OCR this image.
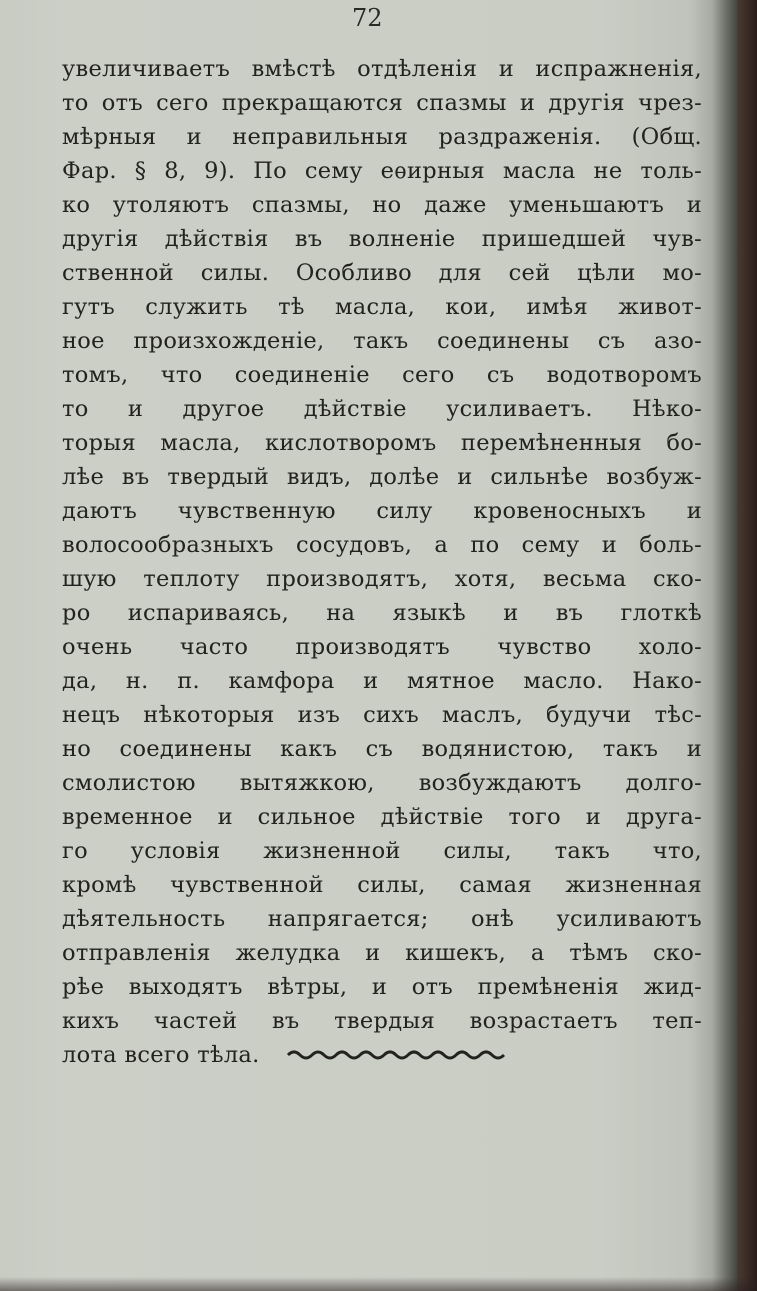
72
увеличиваетъ вмѣстѣ отдѣленія и испражненія,
то отъ сего прекращаются спазмы и другія чрез-
мѣрныя и неправильныя раздраженія. (Общ.
Фар. § 8, 9). По сему еѳирныя масла не толь-
ко утоляютъ спазмы, но даже уменьшаютъ и
другія дѣйствія въ волненіе пришедшей чув-
ственной силы. Особливо для сей цѣли мо-
гутъ служить тѣ масла, кои, имѣя живот-
ное произхожденіе, такъ соединены съ азо-
томъ, что соединеніе сего съ водотворомъ
то и другое дѣйствіе усиливаетъ. Нѣко-
торыя масла, кислотворомъ перемѣненныя бо-
лѣе въ твердый видъ, долѣе и сильнѣе возбуж-
даютъ чувственную силу кровеносныхъ и
волосообразныхъ сосудовъ, а по сему и боль-
шую теплоту производятъ, хотя, весьма ско-
ро испариваясь, на языкѣ и въ глоткѣ
очень часто производятъ чувство холо-
да, н. п. камфора и мятное масло. Нако-
нецъ нѣкоторыя изъ сихъ маслъ, будучи тѣс-
но соединены какъ съ водянистою, такъ и
смолистою вытяжкою, возбуждаютъ долго-
временное и сильное дѣйствіе того и друга-
го условія жизненной силы, такъ что,
кромѣ чувственной силы, самая жизненная
дѣятельность напрягается; онѣ усиливаютъ
отправленія желудка и кишекъ, а тѣмъ ско-
рѣе выходятъ вѣтры, и отъ премѣненія жид-
кихъ частей въ твердыя возрастаетъ теп-
лота всего тѣла.
